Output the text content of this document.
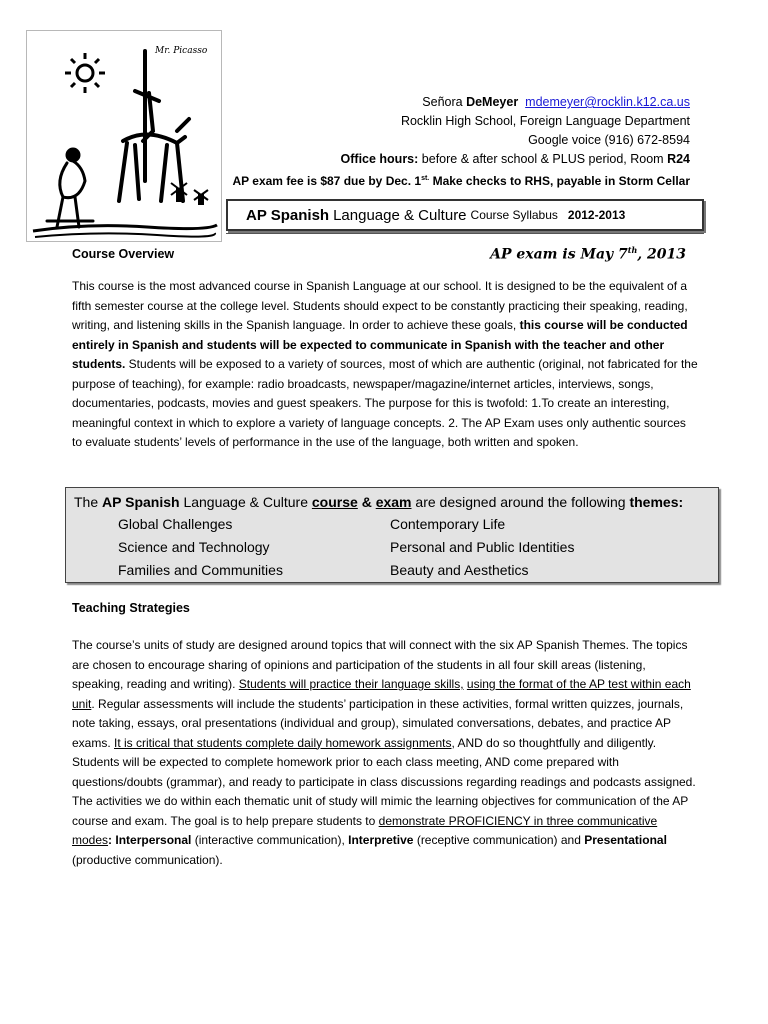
Mr. Picasso
Señora DeMeyer mdemeyer@rocklin.k12.ca.us
Rocklin High School, Foreign Language Department
Google voice (916) 672-8594
Office hours: before & after school & PLUS period, Room R24
AP exam fee is $87 due by Dec. $1^{st.}$ Make checks to RHS, payable in Storm Cellar
AP Spanish Language & Culture Course Syllabus 2012-2013
Course Overview	AP exam is May 7th, 2013
This course is the most advanced course in Spanish Language at our school. It is designed to be the equivalent of a fifth semester course at the college level. Students should expect to be constantly practicing their speaking, reading, writing, and listening skills in the Spanish language. In order to achieve these goals, this course will be conducted entirely in Spanish and students will be expected to communicate in Spanish with the teacher and other students. Students will be exposed to a variety of sources, most of which are authentic (original, not fabricated for the purpose of teaching), for example: radio broadcasts, newspaper/magazine/internet articles, interviews, songs, documentaries, podcasts, movies and guest speakers. The purpose for this is twofold: 1.To create an interesting, meaningful context in which to explore a variety of language concepts. 2. The AP Exam uses only authentic sources to evaluate students’ levels of performance in the use of the language, both written and spoken.
The AP Spanish Language & Culture course & exam are designed around the following themes:
Global Challenges	Contemporary Life
Science and Technology	Personal and Public Identities
Families and Communities	Beauty and Aesthetics
Teaching Strategies
The course’s units of study are designed around topics that will connect with the six AP Spanish Themes. The topics are chosen to encourage sharing of opinions and participation of the students in all four skill areas (listening, speaking, reading and writing). Students will practice their language skills, using the format of the AP test within each unit. Regular assessments will include the students’ participation in these activities, formal written quizzes, journals, note taking, essays, oral presentations (individual and group), simulated conversations, debates, and practice AP exams. It is critical that students complete daily homework assignments, AND do so thoughtfully and diligently. Students will be expected to complete homework prior to each class meeting, AND come prepared with questions/doubts (grammar), and ready to participate in class discussions regarding readings and podcasts assigned. The activities we do within each thematic unit of study will mimic the learning objectives for communication of the AP course and exam. The goal is to help prepare students to demonstrate PROFICIENCY in three communicative modes: Interpersonal (interactive communication), Interpretive (receptive communication) and Presentational (productive communication).
